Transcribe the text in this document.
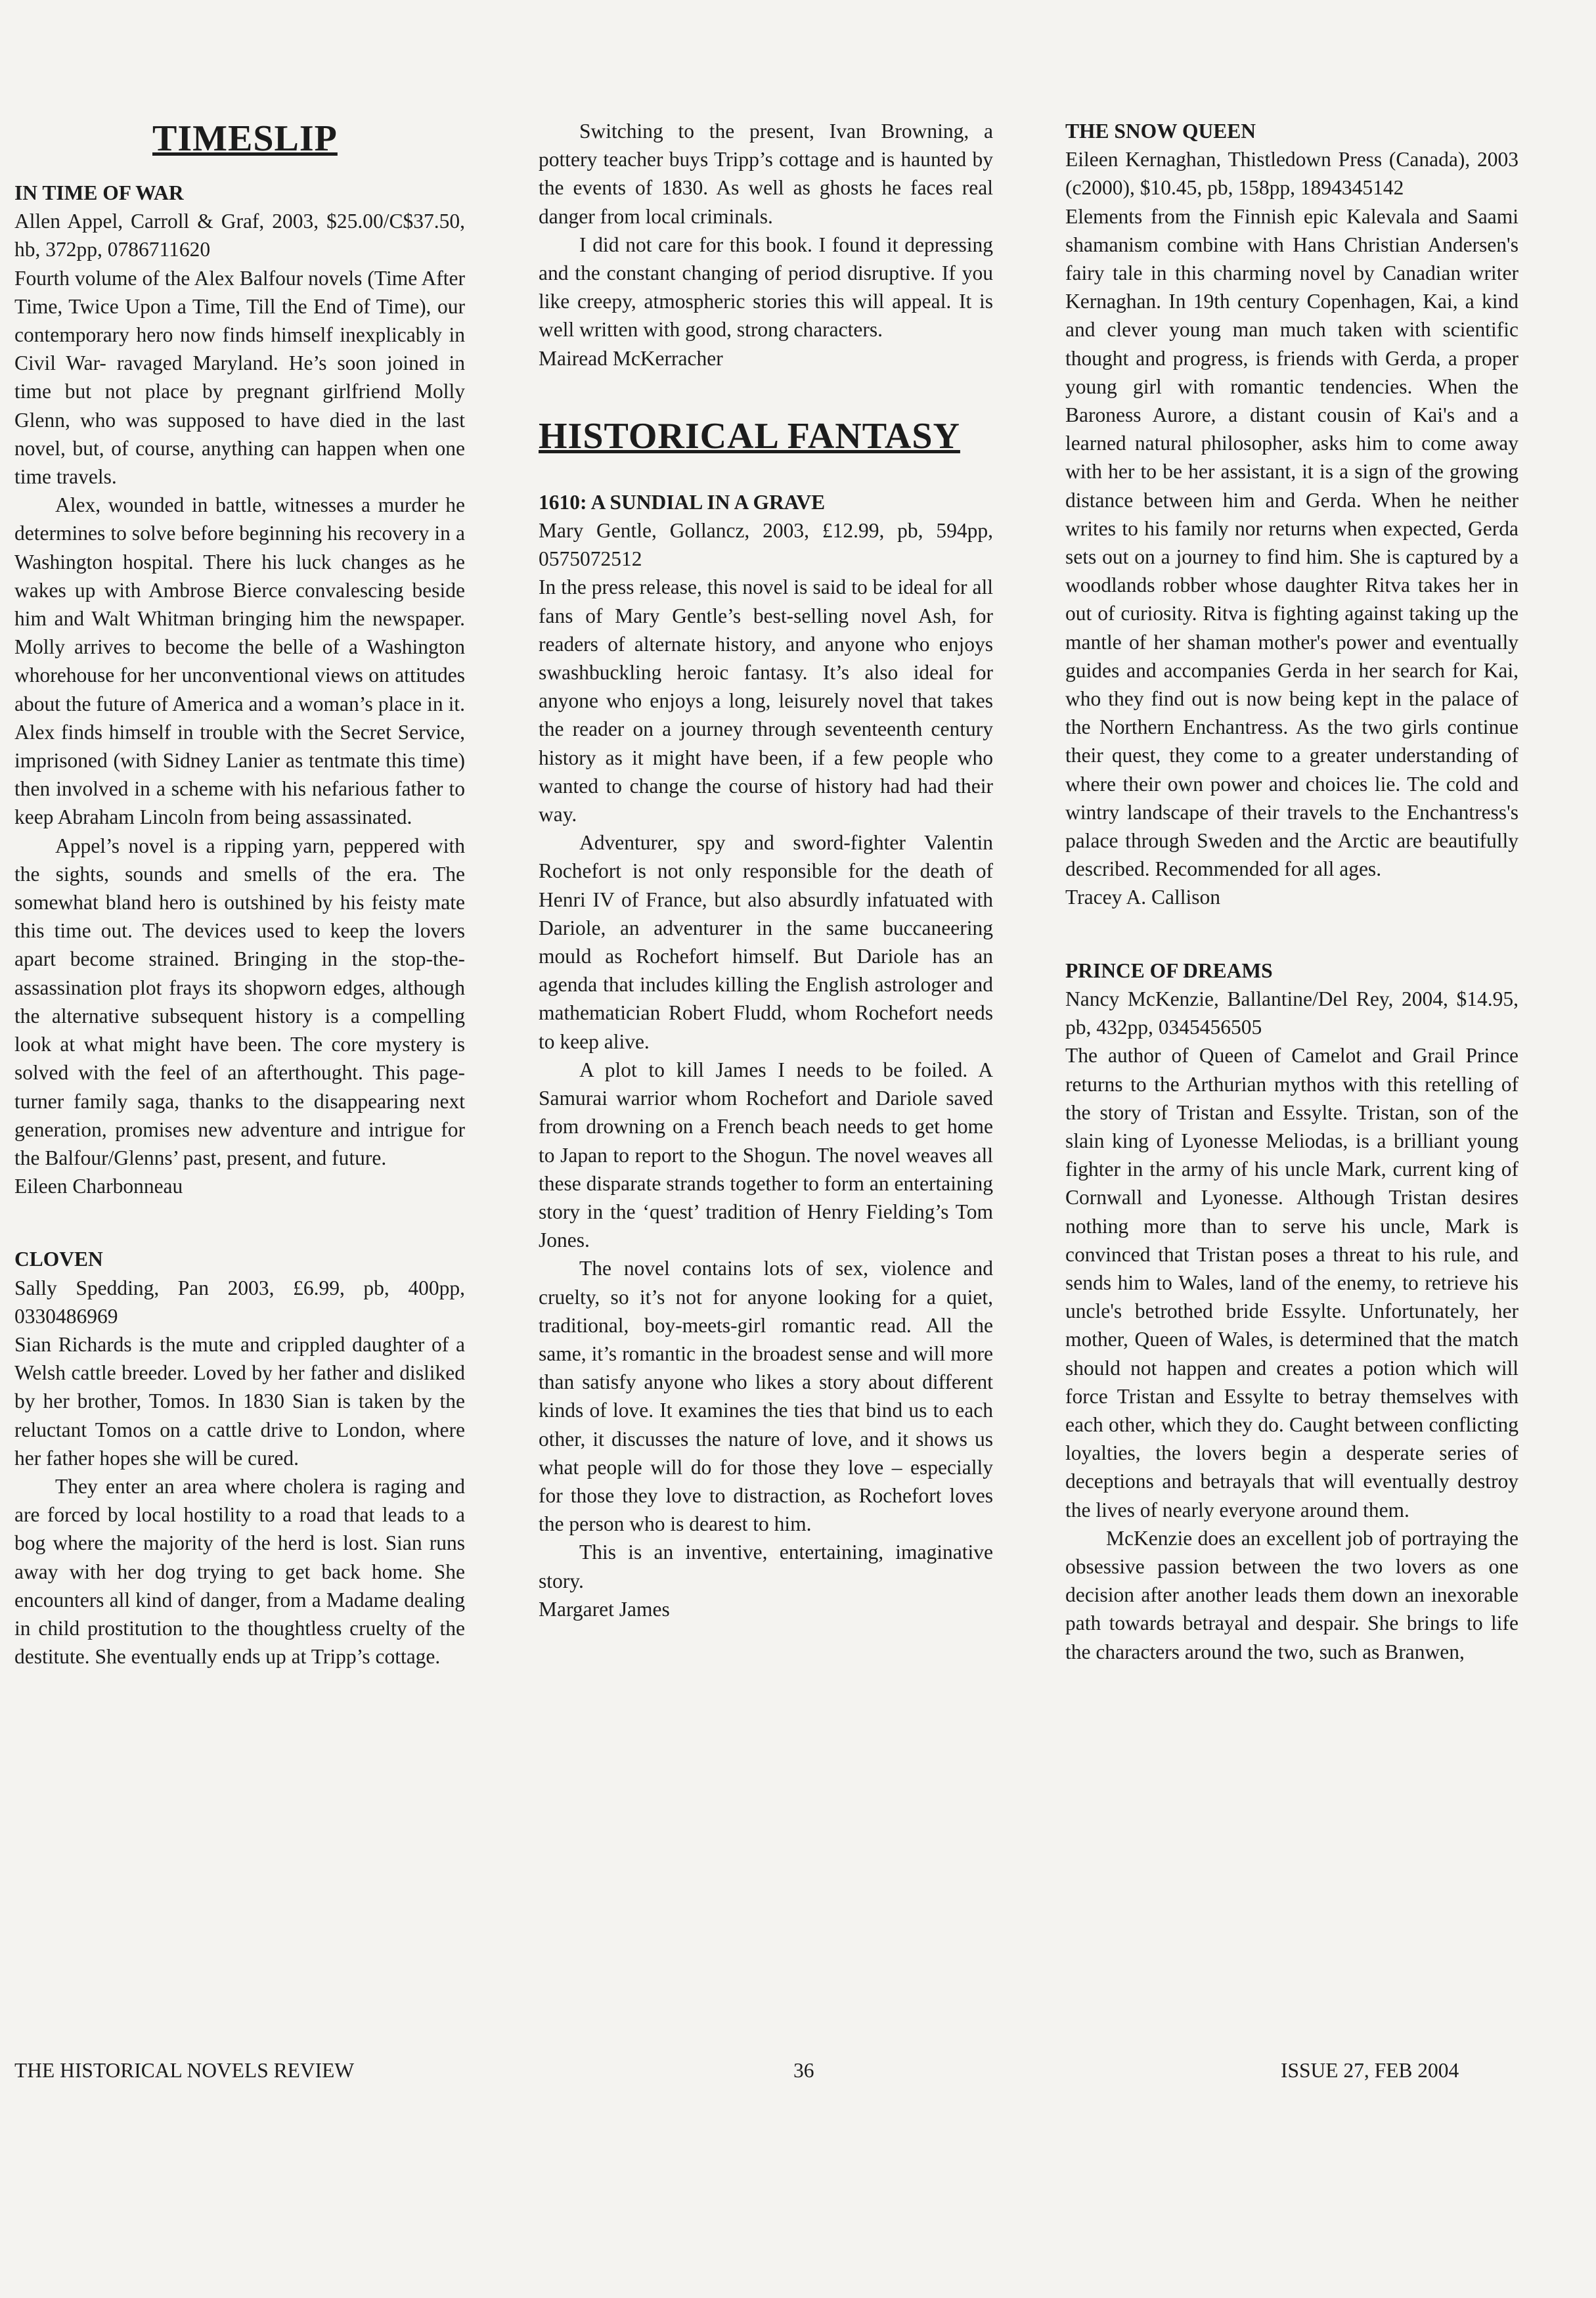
TIMESLIP
IN TIME OF WAR

Allen Appel, Carroll & Graf, 2003, $25.00/C$37.50, hb, 372pp, 0786711620

Fourth volume of the Alex Balfour novels (Time After Time, Twice Upon a Time, Till the End of Time), our contemporary hero now finds himself inexplicably in Civil War- ravaged Maryland. He’s soon joined in time but not place by pregnant girlfriend Molly Glenn, who was supposed to have died in the last novel, but, of course, anything can happen when one time travels.

Alex, wounded in battle, witnesses a murder he determines to solve before beginning his recovery in a Washington hospital. There his luck changes as he wakes up with Ambrose Bierce convalescing beside him and Walt Whitman bringing him the newspaper. Molly arrives to become the belle of a Washington whorehouse for her unconventional views on attitudes about the future of America and a woman’s place in it. Alex finds himself in trouble with the Secret Service, imprisoned (with Sidney Lanier as tentmate this time) then involved in a scheme with his nefarious father to keep Abraham Lincoln from being assassinated.

Appel’s novel is a ripping yarn, peppered with the sights, sounds and smells of the era. The somewhat bland hero is outshined by his feisty mate this time out. The devices used to keep the lovers apart become strained. Bringing in the stop-the-assassination plot frays its shopworn edges, although the alternative subsequent history is a compelling look at what might have been. The core mystery is solved with the feel of an afterthought. This page-turner family saga, thanks to the disappearing next generation, promises new adventure and intrigue for the Balfour/Glenns’ past, present, and future.

Eileen Charbonneau

CLOVEN

Sally Spedding, Pan 2003, £6.99, pb, 400pp, 0330486969

Sian Richards is the mute and crippled daughter of a Welsh cattle breeder. Loved by her father and disliked by her brother, Tomos. In 1830 Sian is taken by the reluctant Tomos on a cattle drive to London, where her father hopes she will be cured.

They enter an area where cholera is raging and are forced by local hostility to a road that leads to a bog where the majority of the herd is lost. Sian runs away with her dog trying to get back home. She encounters all kind of danger, from a Madame dealing in child prostitution to the thoughtless cruelty of the destitute. She eventually ends up at Tripp’s cottage.

Switching to the present, Ivan Browning, a pottery teacher buys Tripp’s cottage and is haunted by the events of 1830. As well as ghosts he faces real danger from local criminals.

I did not care for this book. I found it depressing and the constant changing of period disruptive. If you like creepy, atmospheric stories this will appeal. It is well written with good, strong characters.

Mairead McKerracher

HISTORICAL FANTASY
1610: A SUNDIAL IN A GRAVE

Mary Gentle, Gollancz, 2003, £12.99, pb, 594pp, 0575072512

In the press release, this novel is said to be ideal for all fans of Mary Gentle’s best-selling novel Ash, for readers of alternate history, and anyone who enjoys swashbuckling heroic fantasy. It’s also ideal for anyone who enjoys a long, leisurely novel that takes the reader on a journey through seventeenth century history as it might have been, if a few people who wanted to change the course of history had had their way.

Adventurer, spy and sword-fighter Valentin Rochefort is not only responsible for the death of Henri IV of France, but also absurdly infatuated with Dariole, an adventurer in the same buccaneering mould as Rochefort himself. But Dariole has an agenda that includes killing the English astrologer and mathematician Robert Fludd, whom Rochefort needs to keep alive.

A plot to kill James I needs to be foiled. A Samurai warrior whom Rochefort and Dariole saved from drowning on a French beach needs to get home to Japan to report to the Shogun. The novel weaves all these disparate strands together to form an entertaining story in the ‘quest’ tradition of Henry Fielding’s Tom Jones.

The novel contains lots of sex, violence and cruelty, so it’s not for anyone looking for a quiet, traditional, boy-meets-girl romantic read. All the same, it’s romantic in the broadest sense and will more than satisfy anyone who likes a story about different kinds of love. It examines the ties that bind us to each other, it discusses the nature of love, and it shows us what people will do for those they love – especially for those they love to distraction, as Rochefort loves the person who is dearest to him.

This is an inventive, entertaining, imaginative story.

Margaret James

THE SNOW QUEEN

Eileen Kernaghan, Thistledown Press (Canada), 2003 (c2000), $10.45, pb, 158pp, 1894345142

Elements from the Finnish epic Kalevala and Saami shamanism combine with Hans Christian Andersen's fairy tale in this charming novel by Canadian writer Kernaghan. In 19th century Copenhagen, Kai, a kind and clever young man much taken with scientific thought and progress, is friends with Gerda, a proper young girl with romantic tendencies. When the Baroness Aurore, a distant cousin of Kai's and a learned natural philosopher, asks him to come away with her to be her assistant, it is a sign of the growing distance between him and Gerda. When he neither writes to his family nor returns when expected, Gerda sets out on a journey to find him. She is captured by a woodlands robber whose daughter Ritva takes her in out of curiosity. Ritva is fighting against taking up the mantle of her shaman mother's power and eventually guides and accompanies Gerda in her search for Kai, who they find out is now being kept in the palace of the Northern Enchantress. As the two girls continue their quest, they come to a greater understanding of where their own power and choices lie. The cold and wintry landscape of their travels to the Enchantress's palace through Sweden and the Arctic are beautifully described. Recommended for all ages.

Tracey A. Callison

PRINCE OF DREAMS

Nancy McKenzie, Ballantine/Del Rey, 2004, $14.95, pb, 432pp, 0345456505

The author of Queen of Camelot and Grail Prince returns to the Arthurian mythos with this retelling of the story of Tristan and Essylte. Tristan, son of the slain king of Lyonesse Meliodas, is a brilliant young fighter in the army of his uncle Mark, current king of Cornwall and Lyonesse. Although Tristan desires nothing more than to serve his uncle, Mark is convinced that Tristan poses a threat to his rule, and sends him to Wales, land of the enemy, to retrieve his uncle's betrothed bride Essylte. Unfortunately, her mother, Queen of Wales, is determined that the match should not happen and creates a potion which will force Tristan and Essylte to betray themselves with each other, which they do. Caught between conflicting loyalties, the lovers begin a desperate series of deceptions and betrayals that will eventually destroy the lives of nearly everyone around them.

McKenzie does an excellent job of portraying the obsessive passion between the two lovers as one decision after another leads them down an inexorable path towards betrayal and despair. She brings to life the characters around the two, such as Branwen,

THE HISTORICAL NOVELS REVIEW	36	ISSUE 27, FEB 2004
